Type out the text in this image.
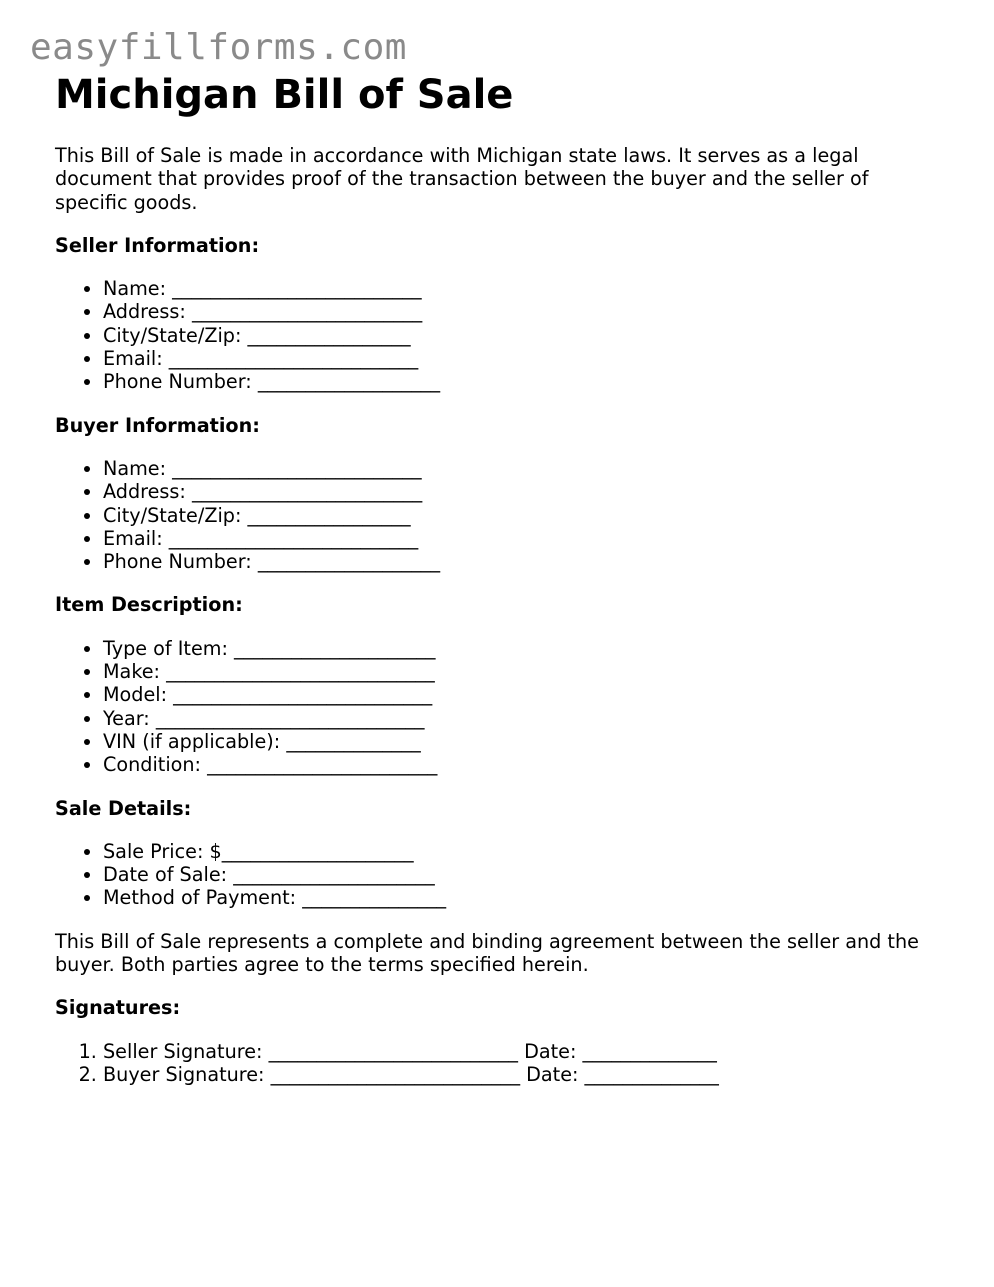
easyfillforms.com
Michigan Bill of Sale

This Bill of Sale is made in accordance with Michigan state laws. It serves as a legal document that provides proof of the transaction between the buyer and the seller of specific goods.

Seller Information:
• Name: __________________________
• Address: ________________________
• City/State/Zip: _________________
• Email: __________________________
• Phone Number: ___________________
Buyer Information:
• Name: __________________________
• Address: ________________________
• City/State/Zip: _________________
• Email: __________________________
• Phone Number: ___________________
Item Description:
• Type of Item: _____________________
• Make: ____________________________
• Model: ___________________________
• Year: ____________________________
• VIN (if applicable): ______________
• Condition: ________________________
Sale Details:
• Sale Price: $____________________
• Date of Sale: _____________________
• Method of Payment: _______________

This Bill of Sale represents a complete and binding agreement between the seller and the buyer. Both parties agree to the terms specified herein.

Signatures:
1. Seller Signature: __________________________ Date: ______________
2. Buyer Signature: __________________________ Date: ______________
